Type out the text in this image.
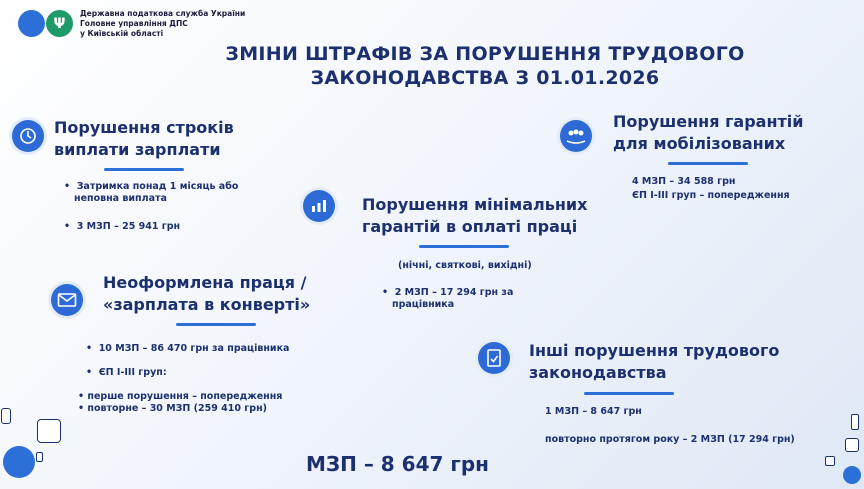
Ψ
Державна податкова служба України
Головне управління ДПС
у Київській області
ЗМІНИ ШТРАФІВ ЗА ПОРУШЕННЯ ТРУДОВОГО
ЗАКОНОДАВСТВА З 01.01.2026
Порушення строків
виплати зарплати
•  Затримка понад 1 місяць або
неповна виплата
•  3 МЗП – 25 941 грн
Неоформлена праця /
«зарплата в конверті»
•  10 МЗП – 86 470 грн за працівника
•  ЄП І-ІІІ груп:
• перше порушення – попередження
• повторне – 30 МЗП (259 410 грн)
Порушення мінімальних
гарантій в оплаті праці
(нічні, святкові, вихідні)
•  2 МЗП – 17 294 грн за
працівника
Порушення гарантій
для мобілізованих
4 МЗП – 34 588 грн
ЄП І-ІІІ груп – попередження
Інші порушення трудового
законодавства
1 МЗП – 8 647 грн
повторно протягом року – 2 МЗП (17 294 грн)
МЗП – 8 647 грн
